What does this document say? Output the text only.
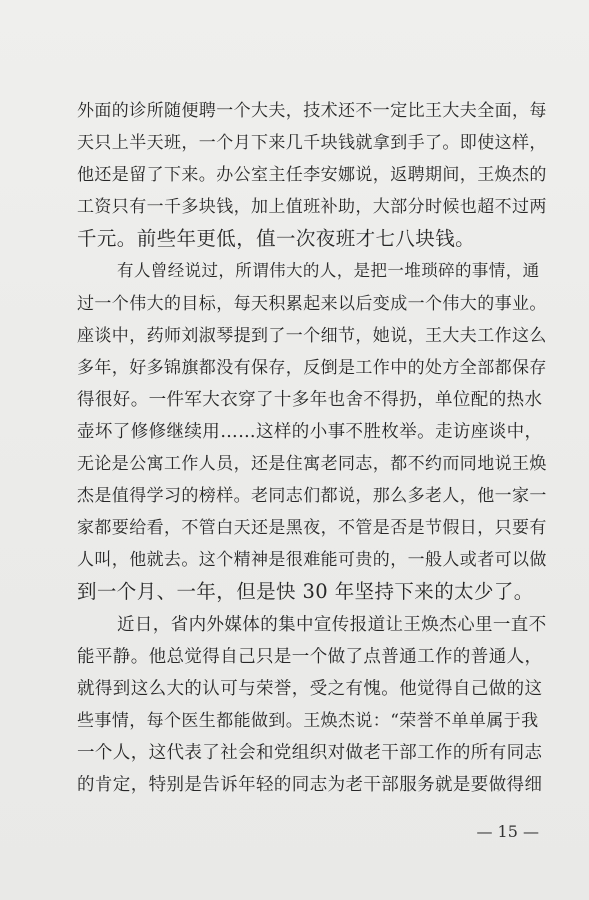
外面的诊所随便聘一个大夫，技术还不一定比王大夫全面，每
天只上半天班，一个月下来几千块钱就拿到手了。即使这样，
他还是留了下来。办公室主任李安娜说，返聘期间，王焕杰的
工资只有一千多块钱，加上值班补助，大部分时候也超不过两
千元。前些年更低，值一次夜班才七八块钱。
有人曾经说过，所谓伟大的人，是把一堆琐碎的事情，通
过一个伟大的目标，每天积累起来以后变成一个伟大的事业。
座谈中，药师刘淑琴提到了一个细节，她说，王大夫工作这么
多年，好多锦旗都没有保存，反倒是工作中的处方全部都保存
得很好。一件军大衣穿了十多年也舍不得扔，单位配的热水
壶坏了修修继续用……这样的小事不胜枚举。走访座谈中，
无论是公寓工作人员，还是住寓老同志，都不约而同地说王焕
杰是值得学习的榜样。老同志们都说，那么多老人，他一家一
家都要给看，不管白天还是黑夜，不管是否是节假日，只要有
人叫，他就去。这个精神是很难能可贵的，一般人或者可以做
到一个月、一年，但是快 30 年坚持下来的太少了。
近日，省内外媒体的集中宣传报道让王焕杰心里一直不
能平静。他总觉得自己只是一个做了点普通工作的普通人，
就得到这么大的认可与荣誉，受之有愧。他觉得自己做的这
些事情，每个医生都能做到。王焕杰说：“荣誉不单单属于我
一个人，这代表了社会和党组织对做老干部工作的所有同志
的肯定，特别是告诉年轻的同志为老干部服务就是要做得细
— 15 —
